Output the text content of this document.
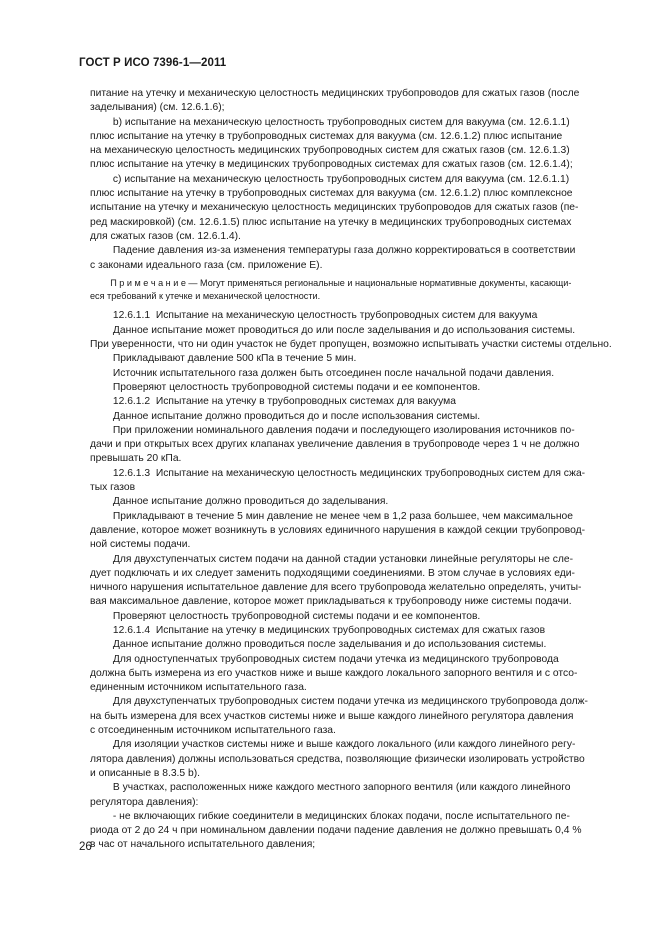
ГОСТ Р ИСО 7396-1—2011
питание на утечку и механическую целостность медицинских трубопроводов для сжатых газов (после
заделывания) (см. 12.6.1.6);
b) испытание на механическую целостность трубопроводных систем для вакуума (см. 12.6.1.1)
плюс испытание на утечку в трубопроводных системах для вакуума (см. 12.6.1.2) плюс испытание
на механическую целостность медицинских трубопроводных систем для сжатых газов (см. 12.6.1.3)
плюс испытание на утечку в медицинских трубопроводных системах для сжатых газов (см. 12.6.1.4);
c) испытание на механическую целостность трубопроводных систем для вакуума (см. 12.6.1.1)
плюс испытание на утечку в трубопроводных системах для вакуума (см. 12.6.1.2) плюс комплексное
испытание на утечку и механическую целостность медицинских трубопроводов для сжатых газов (пе-
ред маскировкой) (см. 12.6.1.5) плюс испытание на утечку в медицинских трубопроводных системах
для сжатых газов (см. 12.6.1.4).
Падение давления из-за изменения температуры газа должно корректироваться в соответствии
с законами идеального газа (см. приложение Е).
П р и м е ч а н и е — Могут применяться региональные и национальные нормативные документы, касающи-
еся требований к утечке и механической целостности.
12.6.1.1  Испытание на механическую целостность трубопроводных систем для вакуума
Данное испытание может проводиться до или после заделывания и до использования системы.
При уверенности, что ни один участок не будет пропущен, возможно испытывать участки системы отдельно.
Прикладывают давление 500 кПа в течение 5 мин.
Источник испытательного газа должен быть отсоединен после начальной подачи давления.
Проверяют целостность трубопроводной системы подачи и ее компонентов.
12.6.1.2  Испытание на утечку в трубопроводных системах для вакуума
Данное испытание должно проводиться до и после использования системы.
При приложении номинального давления подачи и последующего изолирования источников по-
дачи и при открытых всех других клапанах увеличение давления в трубопроводе через 1 ч не должно
превышать 20 кПа.
12.6.1.3  Испытание на механическую целостность медицинских трубопроводных систем для сжа-
тых газов
Данное испытание должно проводиться до заделывания.
Прикладывают в течение 5 мин давление не менее чем в 1,2 раза большее, чем максимальное
давление, которое может возникнуть в условиях единичного нарушения в каждой секции трубопровод-
ной системы подачи.
Для двухступенчатых систем подачи на данной стадии установки линейные регуляторы не сле-
дует подключать и их следует заменить подходящими соединениями. В этом случае в условиях еди-
ничного нарушения испытательное давление для всего трубопровода желательно определять, учиты-
вая максимальное давление, которое может прикладываться к трубопроводу ниже системы подачи.
Проверяют целостность трубопроводной системы подачи и ее компонентов.
12.6.1.4  Испытание на утечку в медицинских трубопроводных системах для сжатых газов
Данное испытание должно проводиться после заделывания и до использования системы.
Для одноступенчатых трубопроводных систем подачи утечка из медицинского трубопровода
должна быть измерена из его участков ниже и выше каждого локального запорного вентиля и с отсо-
единенным источником испытательного газа.
Для двухступенчатых трубопроводных систем подачи утечка из медицинского трубопровода долж-
на быть измерена для всех участков системы ниже и выше каждого линейного регулятора давления
с отсоединенным источником испытательного газа.
Для изоляции участков системы ниже и выше каждого локального (или каждого линейного регу-
лятора давления) должны использоваться средства, позволяющие физически изолировать устройство
и описанные в 8.3.5 b).
В участках, расположенных ниже каждого местного запорного вентиля (или каждого линейного
регулятора давления):
- не включающих гибкие соединители в медицинских блоках подачи, после испытательного пе-
риода от 2 до 24 ч при номинальном давлении подачи падение давления не должно превышать 0,4 %
в час от начального испытательного давления;
26
